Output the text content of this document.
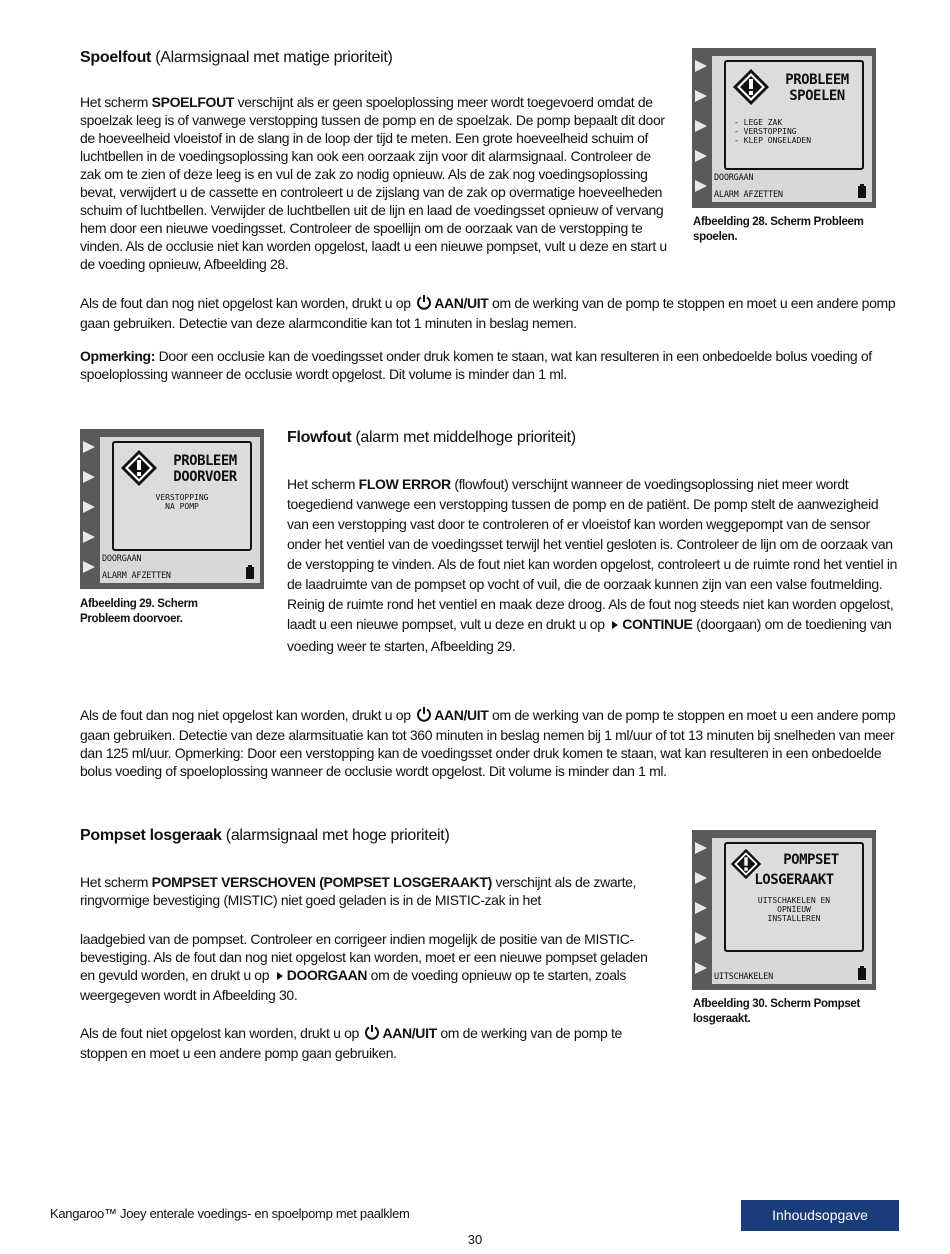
Spoelfout (Alarmsignaal met matige prioriteit)

Het scherm SPOELFOUT verschijnt als er geen spoeloplossing meer wordt toegevoerd omdat de spoelzak leeg is of vanwege verstopping tussen de pomp en de spoelzak. De pomp bepaalt dit door de hoeveelheid vloeistof in de slang in de loop der tijd te meten. Een grote hoeveelheid schuim of luchtbellen in de voedingsoplossing kan ook een oorzaak zijn voor dit alarmsignaal. Controleer de zak om te zien of deze leeg is en vul de zak zo nodig opnieuw. Als de zak nog voedingsoplossing bevat, verwijdert u de cassette en controleert u de zijslang van de zak op overmatige hoeveelheden schuim of luchtbellen. Verwijder de luchtbellen uit de lijn en laad de voedingsset opnieuw of vervang hem door een nieuwe voedingsset. Controleer de spoellijn om de oorzaak van de verstopping te vinden. Als de occlusie niet kan worden opgelost, laadt u een nieuwe pompset, vult u deze en start u de voeding opnieuw, Afbeelding 28.

Als de fout dan nog niet opgelost kan worden, drukt u op AAN/UIT om de werking van de pomp te stoppen en moet u een andere pomp gaan gebruiken. Detectie van deze alarmconditie kan tot 1 minuten in beslag nemen.

Opmerking: Door een occlusie kan de voedingsset onder druk komen te staan, wat kan resulteren in een onbedoelde bolus voeding of spoeloplossing wanneer de occlusie wordt opgelost. Dit volume is minder dan 1 ml.

PROBLEEM
SPOELEN
- LEGE ZAK
- VERSTOPPING
- KLEP ONGELADEN
DOORGAAN
ALARM AFZETTEN
Afbeelding 28. Scherm Probleem spoelen.
PROBLEEM
DOORVOER
VERSTOPPING
NA POMP
DOORGAAN
ALARM AFZETTEN
Afbeelding 29. Scherm
Probleem doorvoer.
Flowfout (alarm met middelhoge prioriteit)

Het scherm FLOW ERROR (flowfout) verschijnt wanneer de voedingsoplossing niet meer wordt toegediend vanwege een verstopping tussen de pomp en de patiënt. De pomp stelt de aanwezigheid van een verstopping vast door te controleren of er vloeistof kan worden weggepompt van de sensor onder het ventiel van de voedingsset terwijl het ventiel gesloten is. Controleer de lijn om de oorzaak van de verstopping te vinden. Als de fout niet kan worden opgelost, controleert u de ruimte rond het ventiel in de laadruimte van de pompset op vocht of vuil, die de oorzaak kunnen zijn van een valse foutmelding. Reinig de ruimte rond het ventiel en maak deze droog. Als de fout nog steeds niet kan worden opgelost, laadt u een nieuwe pompset, vult u deze en drukt u op CONTINUE (doorgaan) om de toediening van voeding weer te starten, Afbeelding 29.

Als de fout dan nog niet opgelost kan worden, drukt u op AAN/UIT om de werking van de pomp te stoppen en moet u een andere pomp gaan gebruiken. Detectie van deze alarmsituatie kan tot 360 minuten in beslag nemen bij 1 ml/uur of tot 13 minuten bij snelheden van meer dan 125 ml/uur. Opmerking: Door een verstopping kan de voedingsset onder druk komen te staan, wat kan resulteren in een onbedoelde bolus voeding of spoeloplossing wanneer de occlusie wordt opgelost. Dit volume is minder dan 1 ml.

Pompset losgeraak (alarmsignaal met hoge prioriteit)

Het scherm POMPSET VERSCHOVEN (POMPSET LOSGERAAKT) verschijnt als de zwarte, ringvormige bevestiging (MISTIC) niet goed geladen is in de MISTIC-zak in het

laadgebied van de pompset. Controleer en corrigeer indien mogelijk de positie van de MISTIC-bevestiging. Als de fout dan nog niet opgelost kan worden, moet er een nieuwe pompset geladen en gevuld worden, en drukt u op DOORGAAN om de voeding opnieuw op te starten, zoals weergegeven wordt in Afbeelding 30.

Als de fout niet opgelost kan worden, drukt u op AAN/UIT om de werking van de pomp te stoppen en moet u een andere pomp gaan gebruiken.

POMPSET
LOSGERAAKT
UITSCHAKELEN EN
OPNIEUW
INSTALLEREN
UITSCHAKELEN
Afbeelding 30. Scherm Pompset losgeraakt.
Kangaroo™ Joey enterale voedings- en spoelpomp met paalklem	Inhoudsopgave
30
